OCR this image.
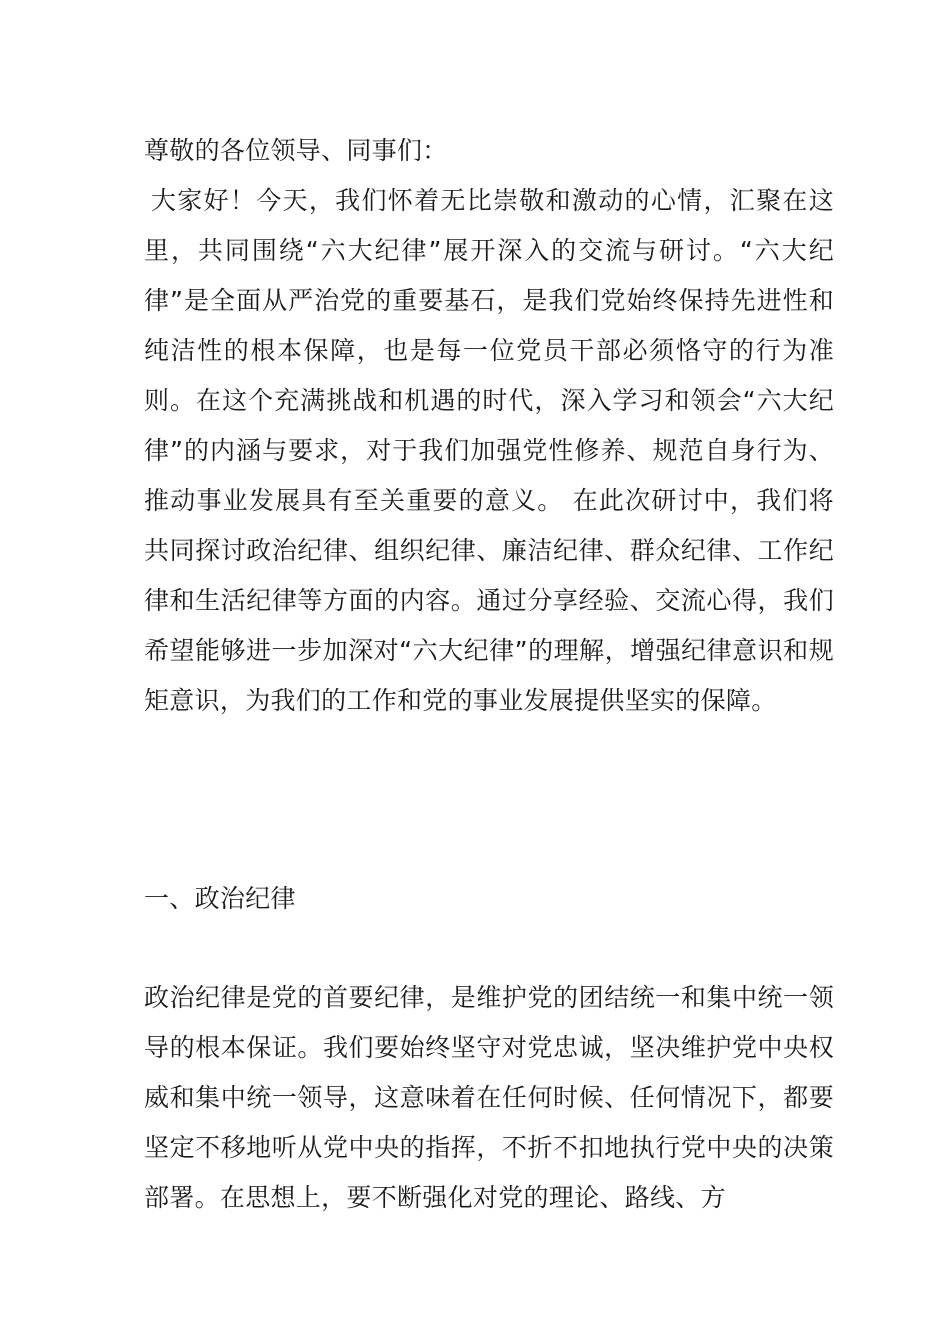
尊敬的各位领导、同事们：

大家好！今天，我们怀着无比崇敬和激动的心情，汇聚在这里，共同围绕“六大纪律”展开深入的交流与研讨。“六大纪律”是全面从严治党的重要基石，是我们党始终保持先进性和纯洁性的根本保障，也是每一位党员干部必须恪守的行为准则。在这个充满挑战和机遇的时代，深入学习和领会“六大纪律”的内涵与要求，对于我们加强党性修养、规范自身行为、推动事业发展具有至关重要的意义。 在此次研讨中，我们将共同探讨政治纪律、组织纪律、廉洁纪律、群众纪律、工作纪律和生活纪律等方面的内容。通过分享经验、交流心得，我们希望能够进一步加深对“六大纪律”的理解，增强纪律意识和规矩意识，为我们的工作和党的事业发展提供坚实的保障。

一、政治纪律

政治纪律是党的首要纪律，是维护党的团结统一和集中统一领导的根本保证。我们要始终坚守对党忠诚，坚决维护党中央权威和集中统一领导，这意味着在任何时候、任何情况下，都要坚定不移地听从党中央的指挥，不折不扣地执行党中央的决策部署。在思想上，要不断强化对党的理论、路线、方
